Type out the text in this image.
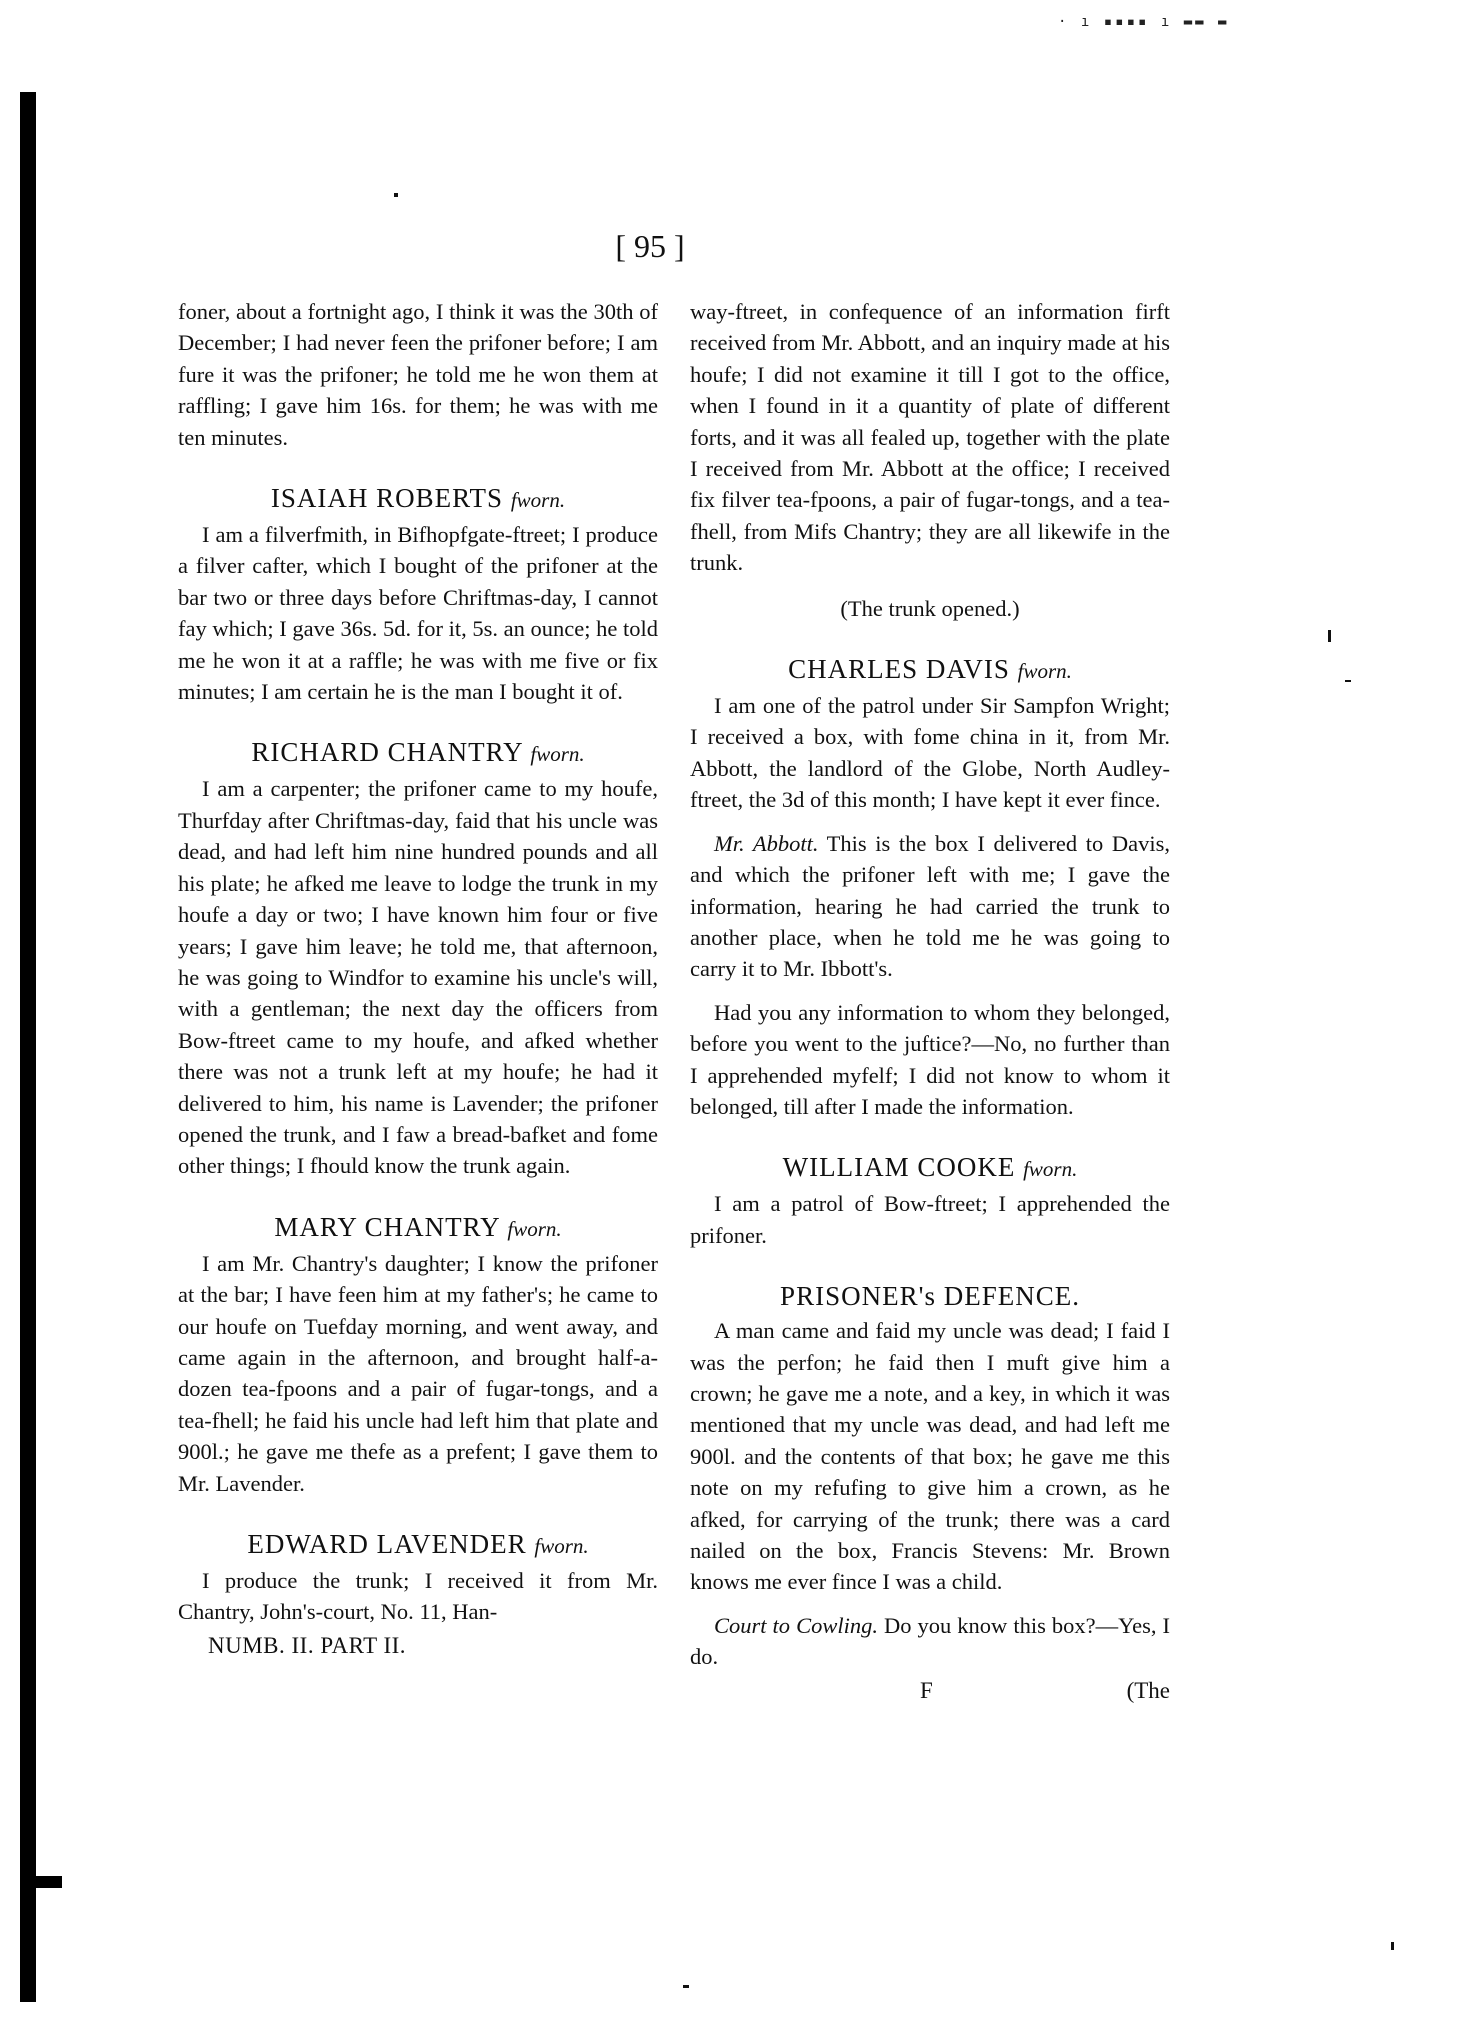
· ı ▪▪▪▪ ı ▬▬ ▬
[ 95 ]

foner, about a fortnight ago, I think it was the 30th of December; I had never feen the prifoner before; I am fure it was the prifoner; he told me he won them at raffling; I gave him 16s. for them; he was with me ten minutes.

ISAIAH ROBERTS fworn.

I am a filverfmith, in Bifhopfgate-ftreet; I produce a filver cafter, which I bought of the prifoner at the bar two or three days before Chriftmas-day, I cannot fay which; I gave 36s. 5d. for it, 5s. an ounce; he told me he won it at a raffle; he was with me five or fix minutes; I am certain he is the man I bought it of.

RICHARD CHANTRY fworn.

I am a carpenter; the prifoner came to my houfe, Thurfday after Chriftmas-day, faid that his uncle was dead, and had left him nine hundred pounds and all his plate; he afked me leave to lodge the trunk in my houfe a day or two; I have known him four or five years; I gave him leave; he told me, that afternoon, he was going to Windfor to examine his uncle's will, with a gentleman; the next day the officers from Bow-ftreet came to my houfe, and afked whether there was not a trunk left at my houfe; he had it delivered to him, his name is Lavender; the prifoner opened the trunk, and I faw a bread-bafket and fome other things; I fhould know the trunk again.

MARY CHANTRY fworn.

I am Mr. Chantry's daughter; I know the prifoner at the bar; I have feen him at my father's; he came to our houfe on Tuefday morning, and went away, and came again in the afternoon, and brought half-a-dozen tea-fpoons and a pair of fugar-tongs, and a tea-fhell; he faid his uncle had left him that plate and 900l.; he gave me thefe as a prefent; I gave them to Mr. Lavender.

EDWARD LAVENDER fworn.

I produce the trunk; I received it from Mr. Chantry, John's-court, No. 11, Han-

NUMB. II. PART II.

way-ftreet, in confequence of an information firft received from Mr. Abbott, and an inquiry made at his houfe; I did not examine it till I got to the office, when I found in it a quantity of plate of different forts, and it was all fealed up, together with the plate I received from Mr. Abbott at the office; I received fix filver tea-fpoons, a pair of fugar-tongs, and a tea-fhell, from Mifs Chantry; they are all likewife in the trunk.

(The trunk opened.)
CHARLES DAVIS fworn.

I am one of the patrol under Sir Sampfon Wright; I received a box, with fome china in it, from Mr. Abbott, the landlord of the Globe, North Audley-ftreet, the 3d of this month; I have kept it ever fince.

Mr. Abbott. This is the box I delivered to Davis, and which the prifoner left with me; I gave the information, hearing he had carried the trunk to another place, when he told me he was going to carry it to Mr. Ibbott's.

Had you any information to whom they belonged, before you went to the juftice?—No, no further than I apprehended myfelf; I did not know to whom it belonged, till after I made the information.

WILLIAM COOKE fworn.

I am a patrol of Bow-ftreet; I apprehended the prifoner.

PRISONER's DEFENCE.

A man came and faid my uncle was dead; I faid I was the perfon; he faid then I muft give him a crown; he gave me a note, and a key, in which it was mentioned that my uncle was dead, and had left me 900l. and the contents of that box; he gave me this note on my refufing to give him a crown, as he afked, for carrying of the trunk; there was a card nailed on the box, Francis Stevens: Mr. Brown knows me ever fince I was a child.

Court to Cowling. Do you know this box?—Yes, I do.

F	(The
